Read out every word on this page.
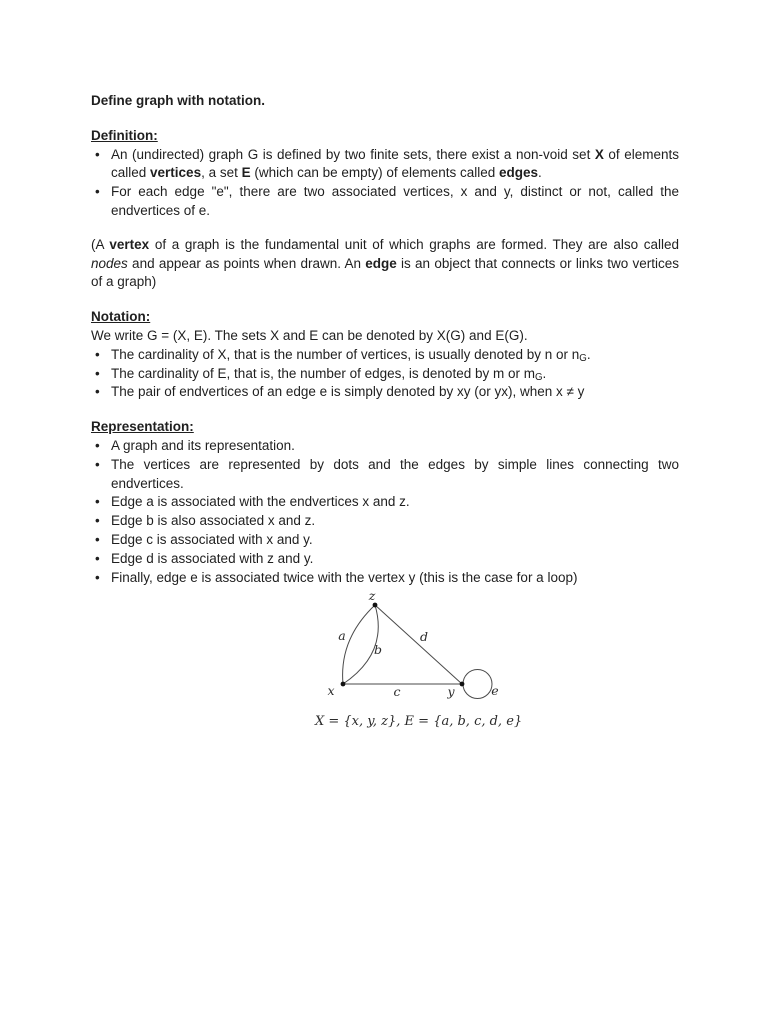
Define graph with notation.
Definition:
• An (undirected) graph G is defined by two finite sets, there exist a non-void set X of elements called vertices, a set E (which can be empty) of elements called edges.
• For each edge "e", there are two associated vertices, x and y, distinct or not, called the endvertices of e.

(A vertex of a graph is the fundamental unit of which graphs are formed. They are also called nodes and appear as points when drawn. An edge is an object that connects or links two vertices of a graph)

Notation:
We write G = (X, E). The sets X and E can be denoted by X(G) and E(G).
• The cardinality of X, that is the number of vertices, is usually denoted by n or $n_G$.
• The cardinality of E, that is, the number of edges, is denoted by m or $m_G$.
• The pair of endvertices of an edge e is simply denoted by xy (or yx), when x ≠ y
Representation:
• A graph and its representation.
• The vertices are represented by dots and the edges by simple lines connecting two endvertices.
• Edge a is associated with the endvertices x and z.
• Edge b is also associated x and z.
• Edge c is associated with x and y.
• Edge d is associated with z and y.
• Finally, edge e is associated twice with the vertex y (this is the case for a loop)
z
x	y
a
b
c
d
e
X = {x, y, z}, E = {a, b, c, d, e}
